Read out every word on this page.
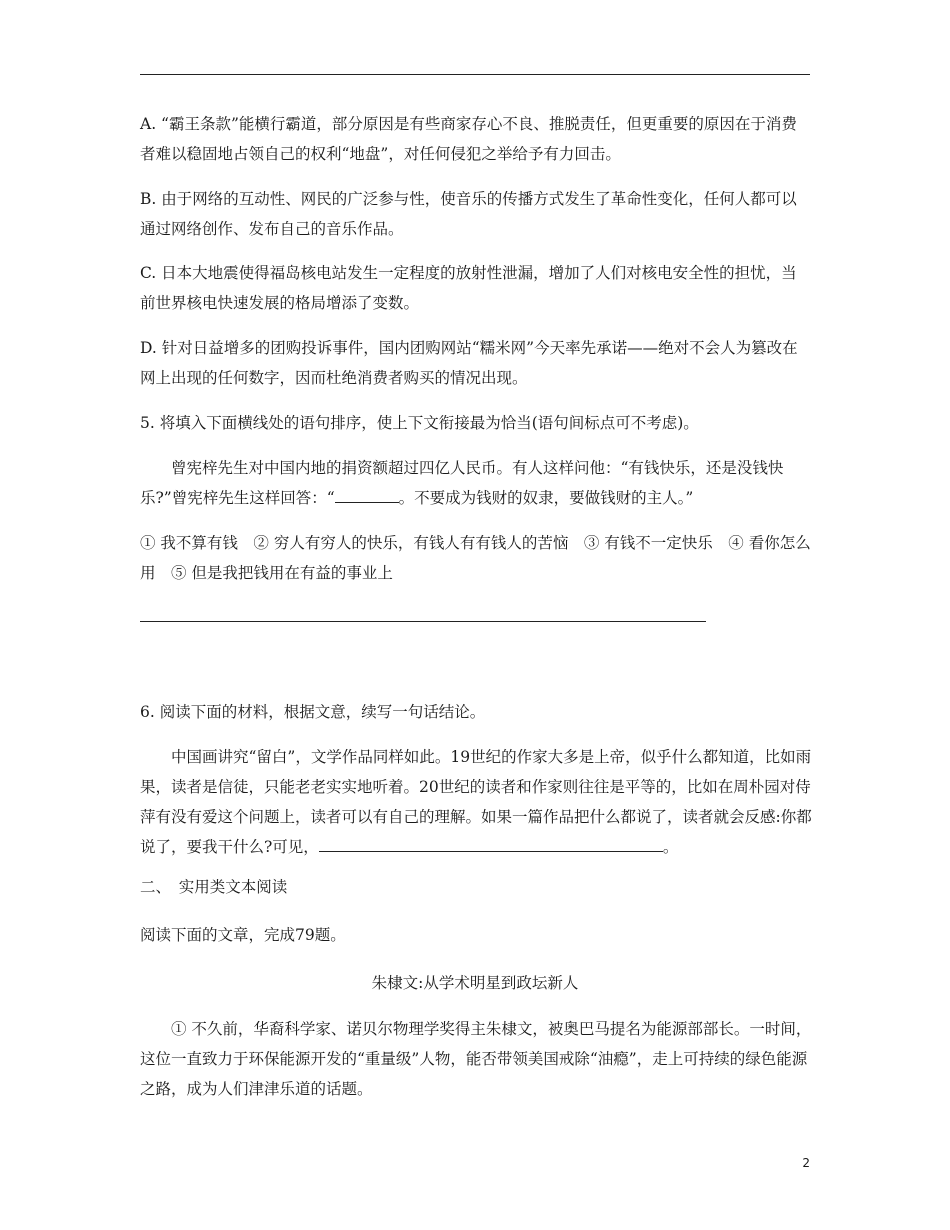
A. “霸王条款”能横行霸道，部分原因是有些商家存心不良、推脱责任，但更重要的原因在于消费者难以稳固地占领自己的权利“地盘”，对任何侵犯之举给予有力回击。

B. 由于网络的互动性、网民的广泛参与性，使音乐的传播方式发生了革命性变化，任何人都可以通过网络创作、发布自己的音乐作品。

C. 日本大地震使得福岛核电站发生一定程度的放射性泄漏，增加了人们对核电安全性的担忧，当前世界核电快速发展的格局增添了变数。

D. 针对日益增多的团购投诉事件，国内团购网站“糯米网”今天率先承诺——绝对不会人为篡改在网上出现的任何数字，因而杜绝消费者购买的情况出现。

5. 将填入下面横线处的语句排序，使上下文衔接最为恰当(语句间标点可不考虑)。

曾宪梓先生对中国内地的捐资额超过四亿人民币。有人这样问他：“有钱快乐，还是没钱快乐?”曾宪梓先生这样回答：“	。不要成为钱财的奴隶，要做钱财的主人。”

① 我不算有钱　② 穷人有穷人的快乐，有钱人有有钱人的苦恼　③ 有钱不一定快乐　④ 看你怎么用　⑤ 但是我把钱用在有益的事业上

6. 阅读下面的材料，根据文意，续写一句话结论。

中国画讲究“留白”，文学作品同样如此。19世纪的作家大多是上帝，似乎什么都知道，比如雨果，读者是信徒，只能老老实实地听着。20世纪的读者和作家则往往是平等的，比如在周朴园对侍萍有没有爱这个问题上，读者可以有自己的理解。如果一篇作品把什么都说了，读者就会反感:你都说了，要我干什么?可见，	。

二、　实用类文本阅读

阅读下面的文章，完成79题。

朱棣文:从学术明星到政坛新人

① 不久前，华裔科学家、诺贝尔物理学奖得主朱棣文，被奥巴马提名为能源部部长。一时间，这位一直致力于环保能源开发的“重量级”人物，能否带领美国戒除“油瘾”，走上可持续的绿色能源之路，成为人们津津乐道的话题。

2
